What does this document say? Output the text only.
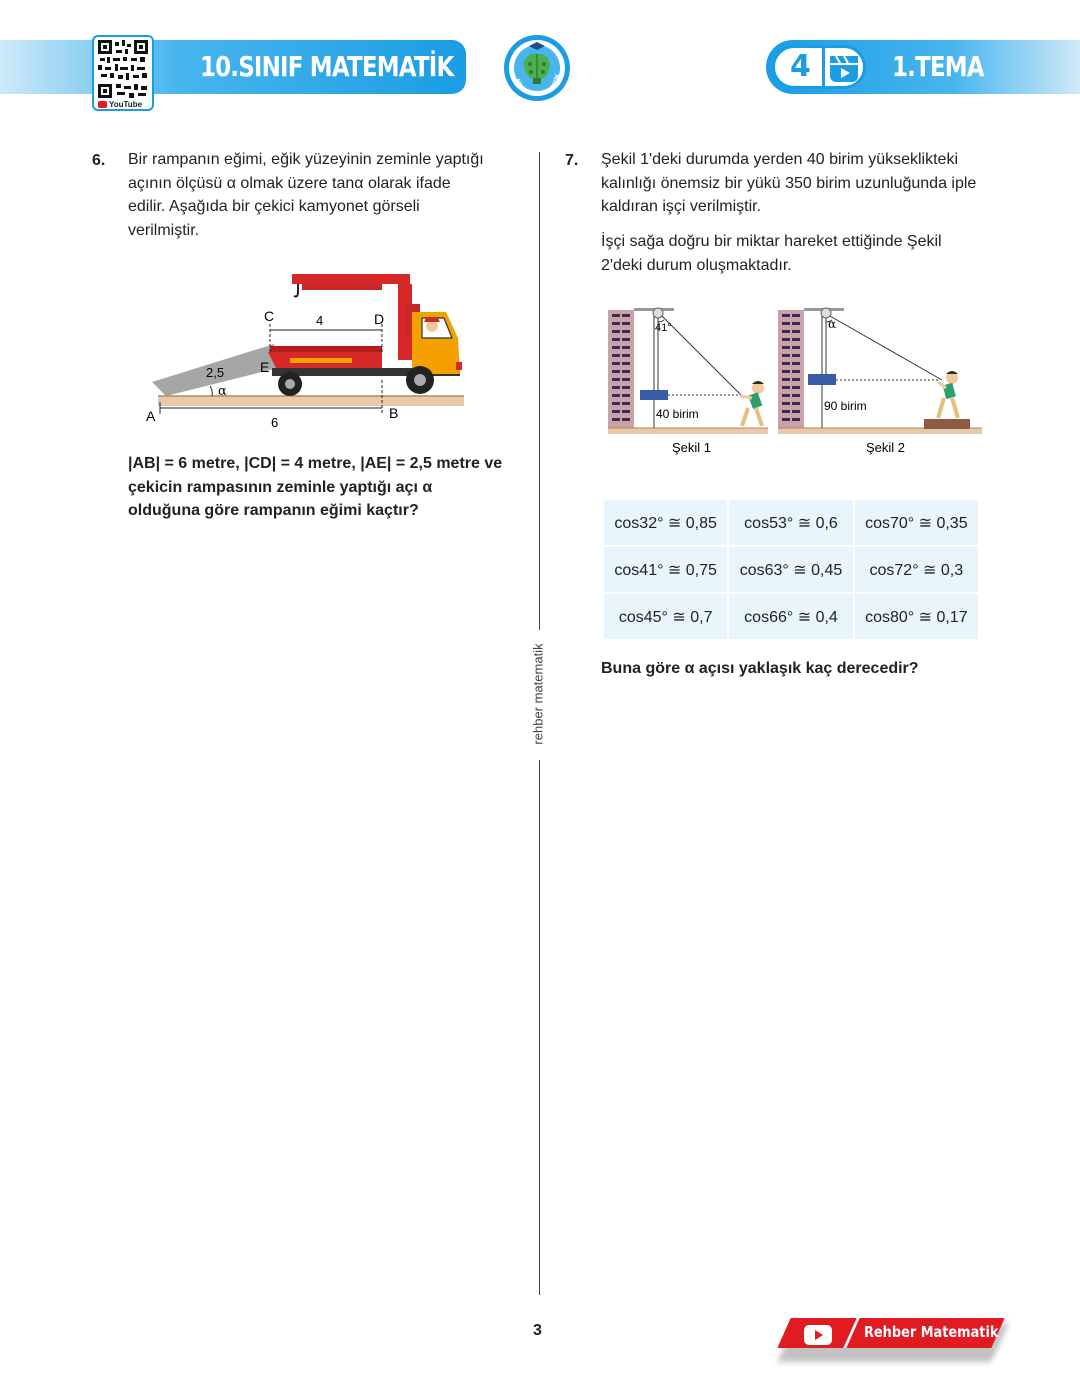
10.SINIF MATEMATİK
YouTube
REHBER MATEMATİK	4	1.TEMA
6. Bir rampanın eğimi, eğik yüzeyinin zeminle yaptığı
açının ölçüsü α olmak üzere tanα olarak ifade
edilir. Aşağıda bir çekici kamyonet görseli
verilmiştir.
C	D
4
E
2,5
α
A	B
6
|AB| = 6 metre, |CD| = 4 metre, |AE| = 2,5 metre ve
çekicin rampasının zeminle yaptığı açı α
olduğuna göre rampanın eğimi kaçtır?
rehber matematik
7. Şekil 1'deki durumda yerden 40 birim yükseklikteki
kalınlığı önemsiz bir yükü 350 birim uzunluğunda iple
kaldıran işçi verilmiştir.
İşçi sağa doğru bir miktar hareket ettiğinde Şekil
2'deki durum oluşmaktadır.
41°
40 birim
Şekil 1
α
90 birim
Şekil 2
cos32° ≅ 0,85	cos53° ≅ 0,6	cos70° ≅ 0,35
cos41° ≅ 0,75	cos63° ≅ 0,45	cos72° ≅ 0,3
cos45° ≅ 0,7	cos66° ≅ 0,4	cos80° ≅ 0,17
Buna göre α açısı yaklaşık kaç derecedir?
3	Rehber Matematik
